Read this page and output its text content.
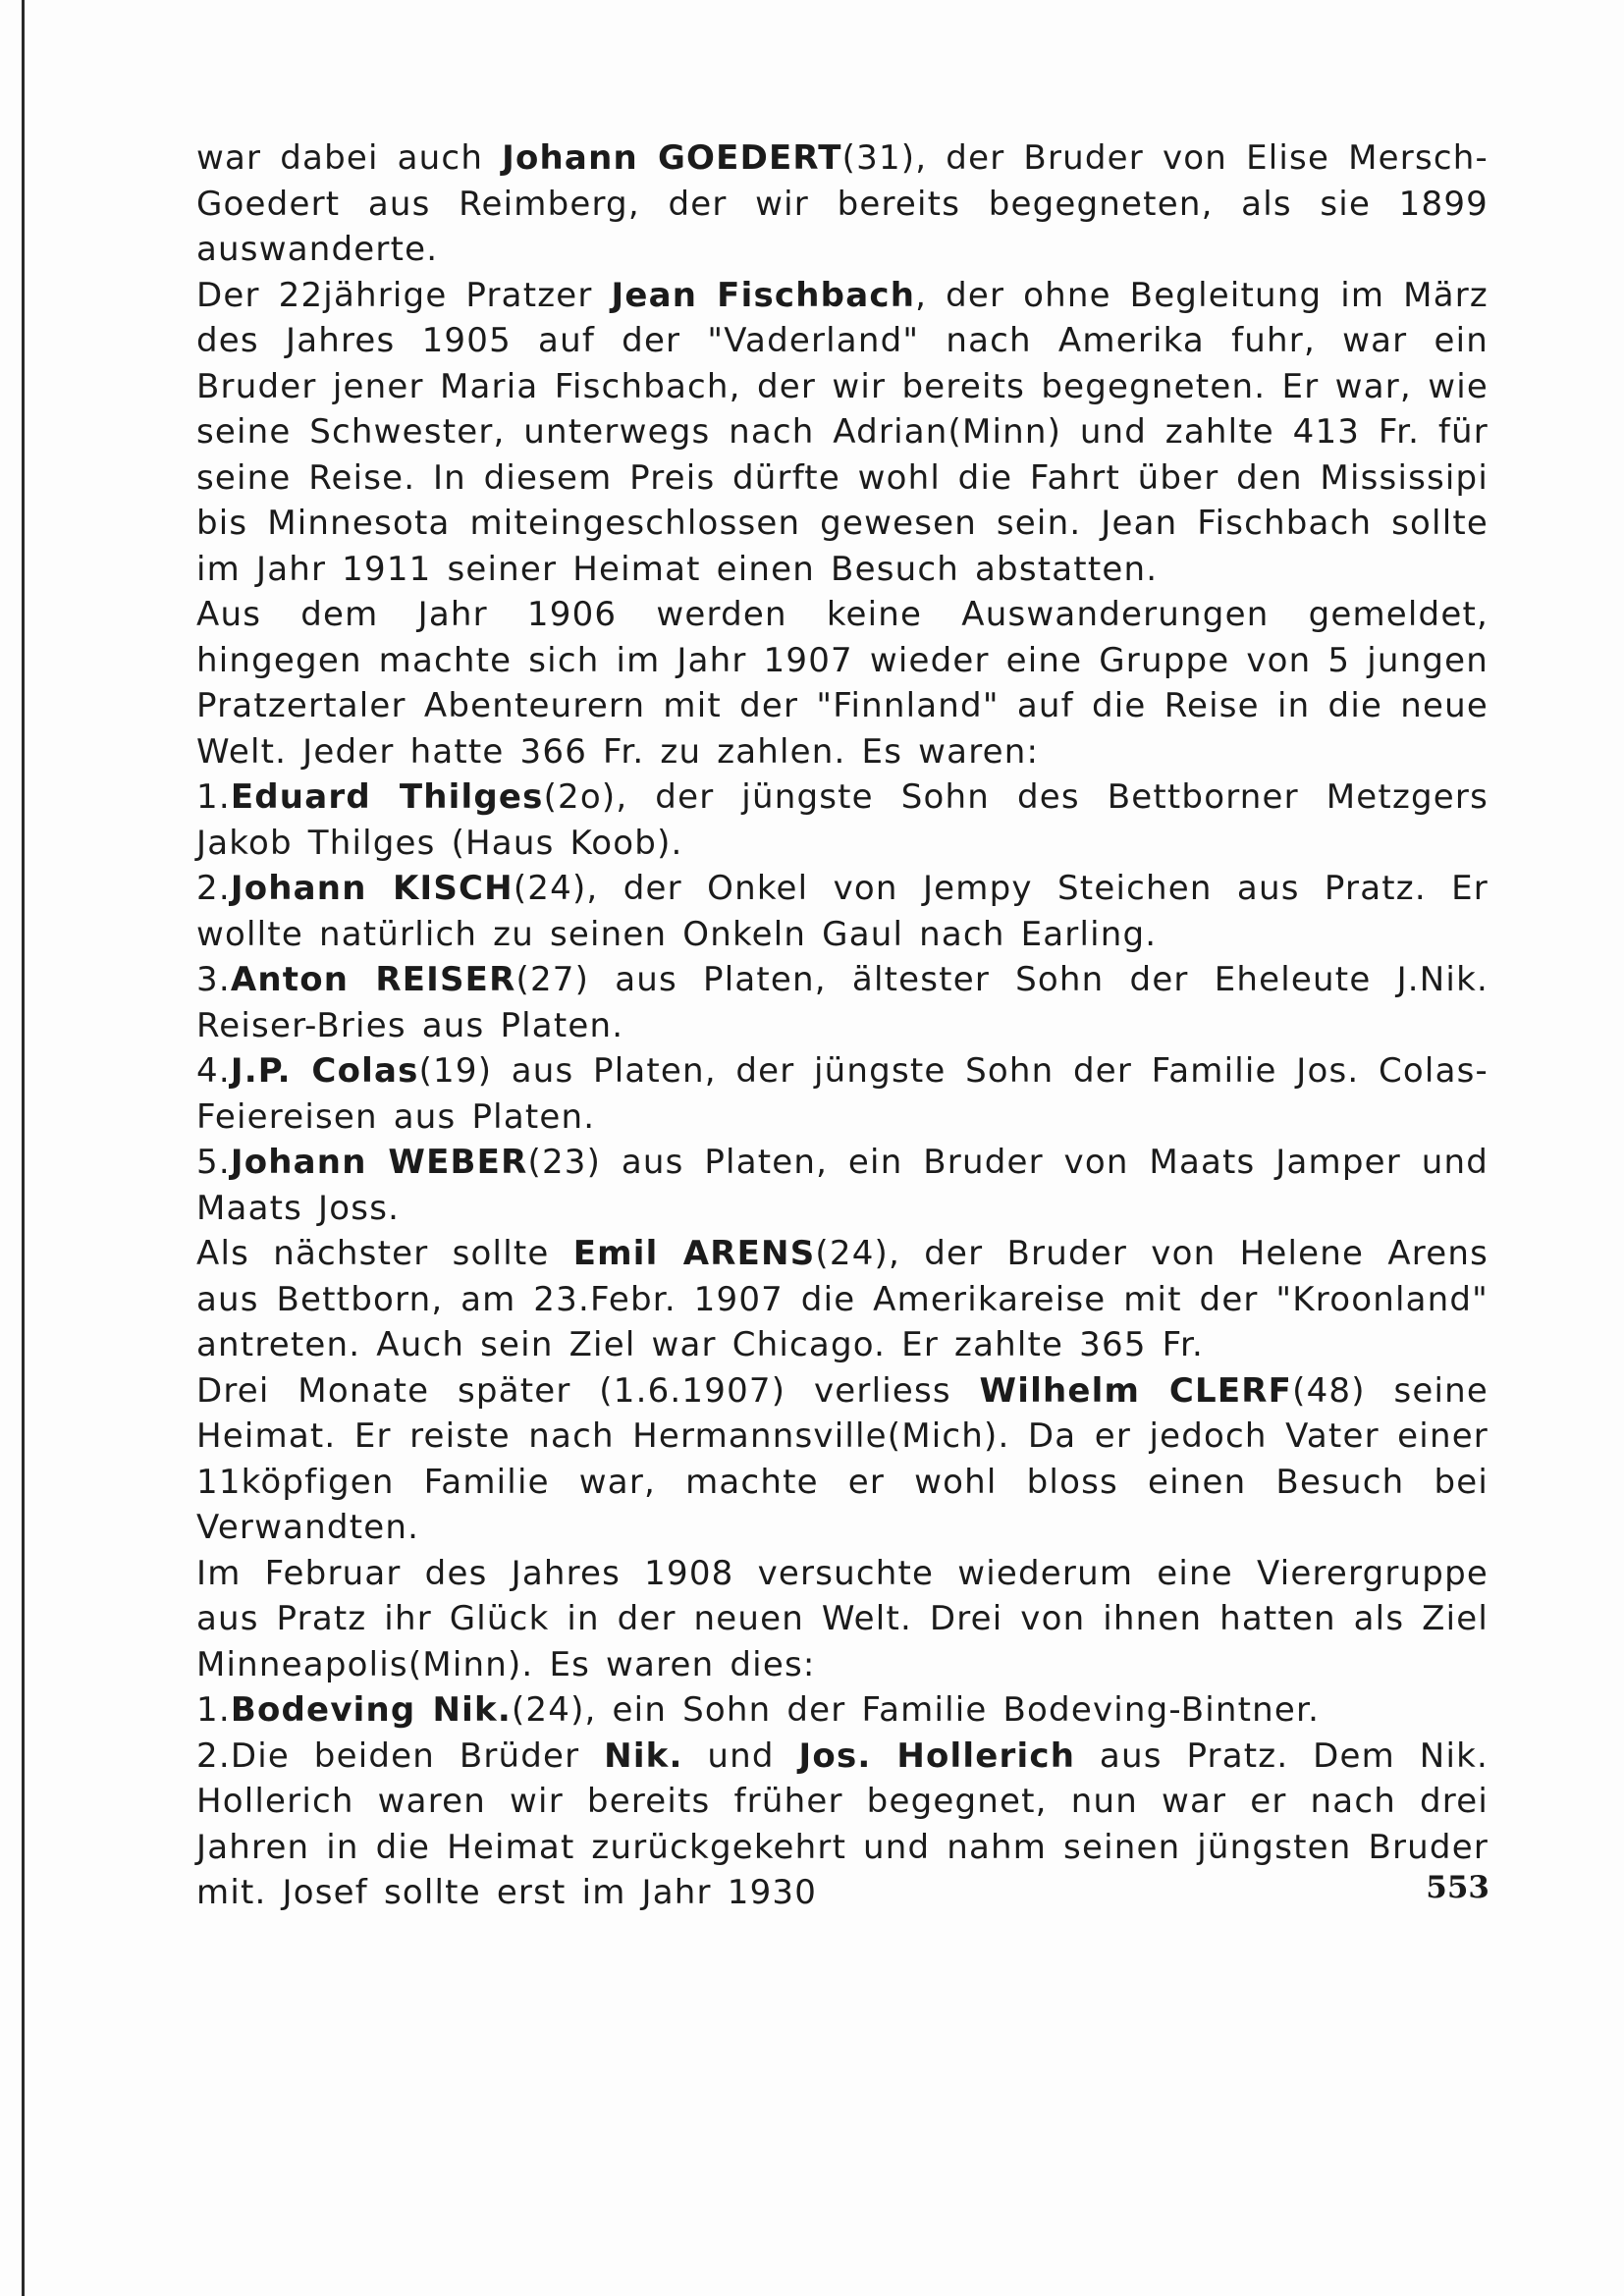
war dabei auch Johann GOEDERT(31), der Bruder von Elise Mersch-Goedert aus Reimberg, der wir bereits begegneten, als sie 1899 auswanderte.

Der 22jährige Pratzer Jean Fischbach, der ohne Begleitung im März des Jahres 1905 auf der "Vaderland" nach Amerika fuhr, war ein Bruder jener Maria Fischbach, der wir bereits begegneten. Er war, wie seine Schwester, unterwegs nach Adrian(Minn) und zahlte 413 Fr. für seine Reise. In diesem Preis dürfte wohl die Fahrt über den Mississipi bis Minnesota miteingeschlossen gewesen sein. Jean Fischbach sollte im Jahr 1911 seiner Heimat einen Besuch abstatten.

Aus dem Jahr 1906 werden keine Auswanderungen gemeldet, hingegen machte sich im Jahr 1907 wieder eine Gruppe von 5 jungen Pratzertaler Abenteurern mit der "Finnland" auf die Reise in die neue Welt. Jeder hatte 366 Fr. zu zahlen. Es waren:

1.Eduard Thilges(2o), der jüngste Sohn des Bettborner Metzgers Jakob Thilges (Haus Koob).

2.Johann KISCH(24), der Onkel von Jempy Steichen aus Pratz. Er wollte natürlich zu seinen Onkeln Gaul nach Earling.

3.Anton REISER(27) aus Platen, ältester Sohn der Eheleute J.Nik. Reiser-Bries aus Platen.

4.J.P. Colas(19) aus Platen, der jüngste Sohn der Familie Jos. Colas-Feiereisen aus Platen.

5.Johann WEBER(23) aus Platen, ein Bruder von Maats Jamper und Maats Joss.

Als nächster sollte Emil ARENS(24), der Bruder von Helene Arens aus Bettborn, am 23.Febr. 1907 die Amerikareise mit der "Kroonland" antreten. Auch sein Ziel war Chicago. Er zahlte 365 Fr.

Drei Monate später (1.6.1907) verliess Wilhelm CLERF(48) seine Heimat. Er reiste nach Hermannsville(Mich). Da er jedoch Vater einer 11köpfigen Familie war, machte er wohl bloss einen Besuch bei Verwandten.

Im Februar des Jahres 1908 versuchte wiederum eine Vierergruppe aus Pratz ihr Glück in der neuen Welt. Drei von ihnen hatten als Ziel Minneapolis(Minn). Es waren dies:

1.Bodeving Nik.(24), ein Sohn der Familie Bodeving-Bintner.

2.Die beiden Brüder Nik. und Jos. Hollerich aus Pratz. Dem Nik. Hollerich waren wir bereits früher begegnet, nun war er nach drei Jahren in die Heimat zurückgekehrt und nahm seinen jüngsten Bruder mit. Josef sollte erst im Jahr 1930	553
